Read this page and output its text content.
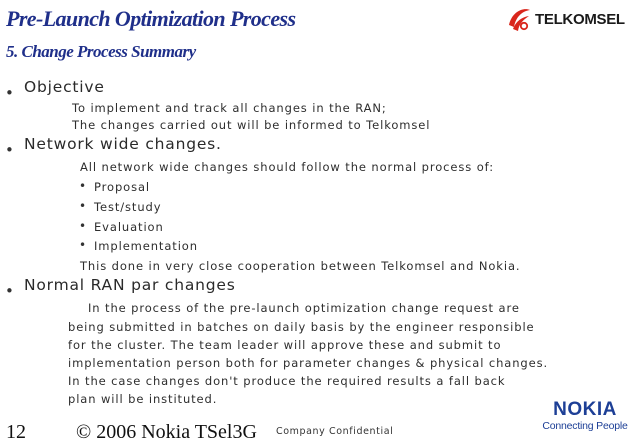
Pre-Launch Optimization Process
5. Change Process Summary
TELKOMSEL
• Objective

To implement and track all changes in the RAN;

The changes carried out will be informed to Telkomsel

• Network wide changes.

All network wide changes should follow the normal process of:

• Proposal

• Test/study

• Evaluation

• Implementation

This done in very close cooperation between Telkomsel and Nokia.

• Normal RAN par changes

In the process of the pre-launch optimization change request are

being submitted in batches on daily basis by the engineer responsible

for the cluster. The team leader will approve these and submit to

implementation person both for parameter changes & physical changes.

In the case changes don't produce the required results a fall back

plan will be instituted.

12	© 2006 Nokia TSel3G Company Confidential

NOKIA
Connecting People
